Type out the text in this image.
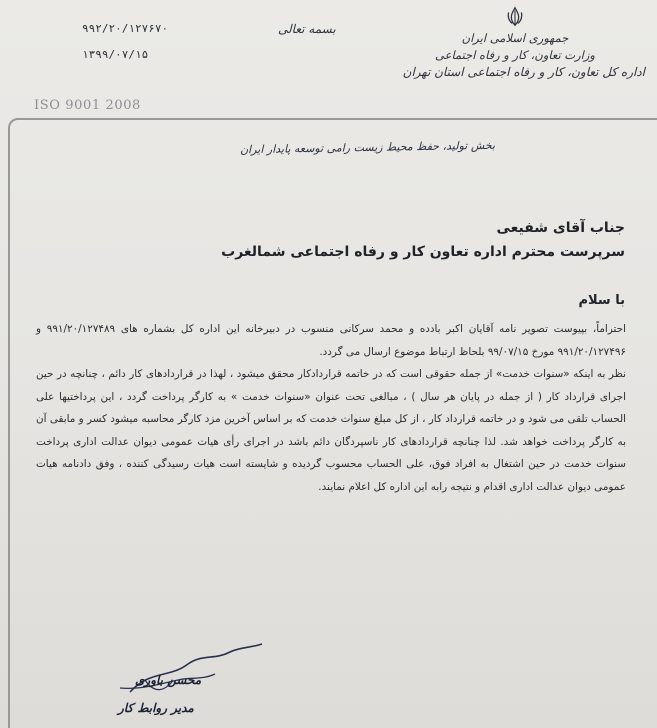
جمهوری اسلامی ایران
وزارت تعاون، کار و رفاه اجتماعی
اداره کل تعاون، کار و رفاه اجتماعی استان تهران
بسمه تعالی
۹۹۲/۲۰/۱۲۷۶۷۰
۱۳۹۹/۰۷/۱۵
ISO 9001 2008
بخش تولید، حفظ محیط زیست رامی توسعه پایدار ایران
جناب آقای شفیعی
سرپرست محترم اداره تعاون کار و رفاه اجتماعی شمالغرب
با سلام

احتراماً، بپیوست تصویر نامه آقایان اکبر بادده و محمد سرکانی منسوب در دبیرخانه این اداره کل بشماره های ۹۹۱/۲۰/۱۲۷۴۸۹ و ۹۹۱/۲۰/۱۲۷۴۹۶ مورخ ۹۹/۰۷/۱۵ بلحاظ ارتباط موضوع ارسال می گردد.

نظر به اینکه «سنوات خدمت» از جمله حقوقی است که در خاتمه قراردادکار محقق میشود ، لهذا در قراردادهای کار دائم ، چنانچه در حین اجرای قرارداد کار ( از جمله در پایان هر سال ) ، مبالغی تحت عنوان «سنوات خدمت » به کارگر پرداخت گردد ، این پرداختیها علی الحساب تلقی می شود و در خاتمه قرارداد کار ، از کل مبلغ سنوات خدمت که بر اساس آخرین مزد کارگر محاسبه میشود کسر و مابقی آن به کارگر پرداخت خواهد شد. لذا چنانچه قراردادهای کار ناسپردگان دائم باشد در اجرای رأی هیات عمومی دیوان عدالت اداری پرداخت سنوات خدمت در حین اشتغال به افراد فوق، علی الحساب محسوب گردیده و شایسته است هیات رسیدگی کننده ، وفق دادنامه هیات عمومی دیوان عدالت اداری اقدام و نتیجه رابه این اداره کل اعلام نمایند.

محسن باوری
مدیر روابط کار
